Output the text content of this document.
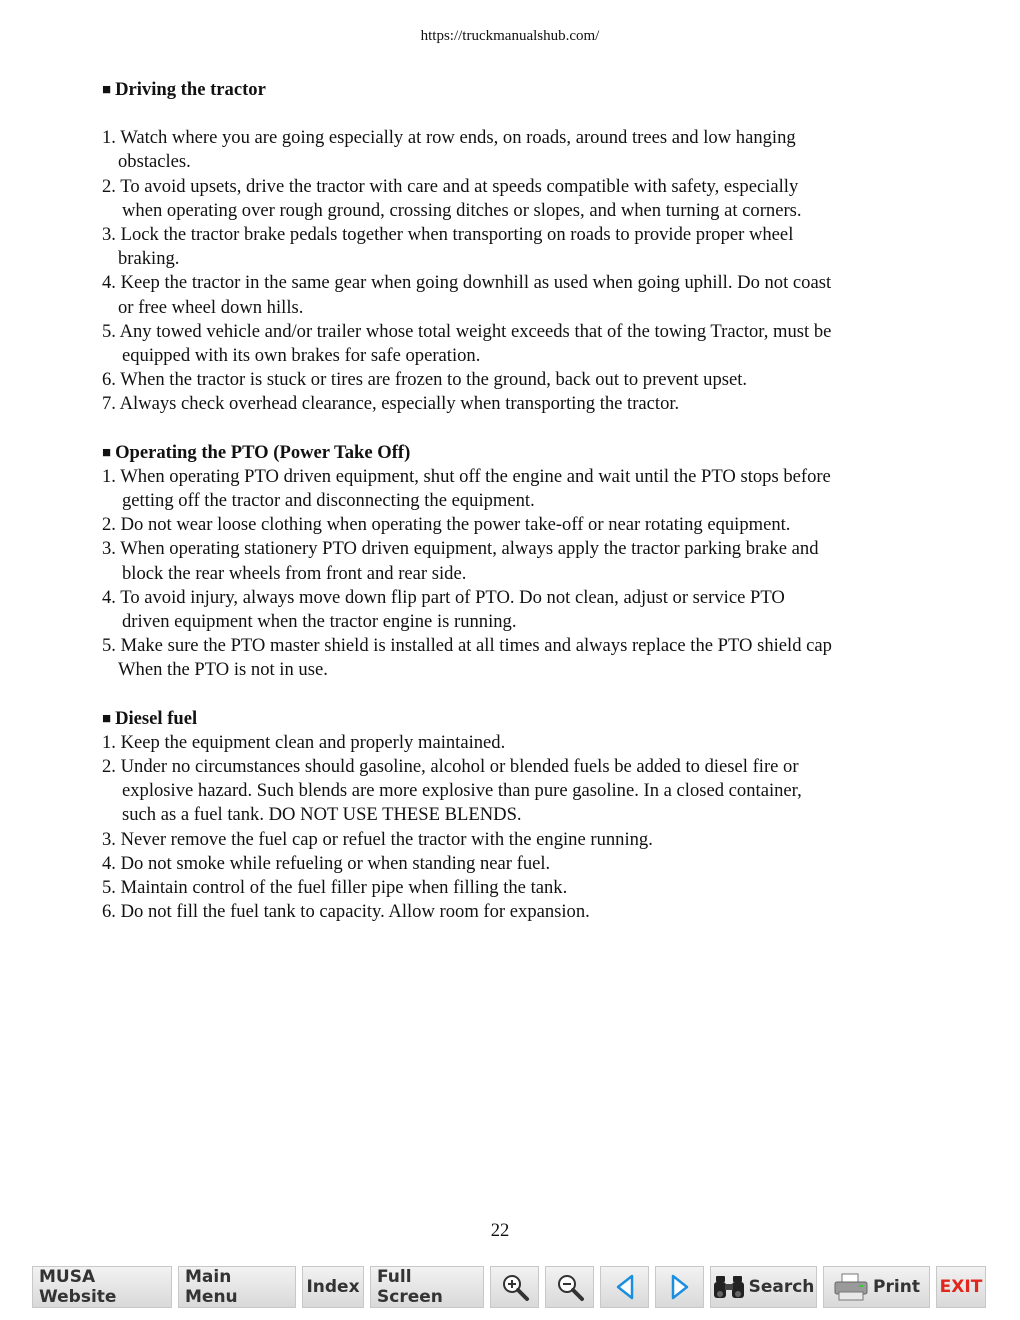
https://truckmanualshub.com/
■ Driving the tractor
1. Watch where you are going especially at row ends, on roads, around trees and low hanging
obstacles.
2. To avoid upsets, drive the tractor with care and at speeds compatible with safety, especially
when operating over rough ground, crossing ditches or slopes, and when turning at corners.
3. Lock the tractor brake pedals together when transporting on roads to provide proper wheel
braking.
4. Keep the tractor in the same gear when going downhill as used when going uphill. Do not coast
or free wheel down hills.
5. Any towed vehicle and/or trailer whose total weight exceeds that of the towing Tractor, must be
equipped with its own brakes for safe operation.
6. When the tractor is stuck or tires are frozen to the ground, back out to prevent upset.
7. Always check overhead clearance, especially when transporting the tractor.
■ Operating the PTO (Power Take Off)
1. When operating PTO driven equipment, shut off the engine and wait until the PTO stops before
getting off the tractor and disconnecting the equipment.
2. Do not wear loose clothing when operating the power take-off or near rotating equipment.
3. When operating stationery PTO driven equipment, always apply the tractor parking brake and
block the rear wheels from front and rear side.
4. To avoid injury, always move down flip part of PTO. Do not clean, adjust or service PTO
driven equipment when the tractor engine is running.
5. Make sure the PTO master shield is installed at all times and always replace the PTO shield cap
When the PTO is not in use.
■ Diesel fuel
1. Keep the equipment clean and properly maintained.
2. Under no circumstances should gasoline, alcohol or blended fuels be added to diesel fire or
explosive hazard. Such blends are more explosive than pure gasoline. In a closed container,
such as a fuel tank. DO NOT USE THESE BLENDS.
3. Never remove the fuel cap or refuel the tractor with the engine running.
4. Do not smoke while refueling or when standing near fuel.
5. Maintain control of the fuel filler pipe when filling the tank.
6. Do not fill the fuel tank to capacity. Allow room for expansion.
22
MUSA Website
Main Menu	Index	Full Screen	Search	Print EXIT
